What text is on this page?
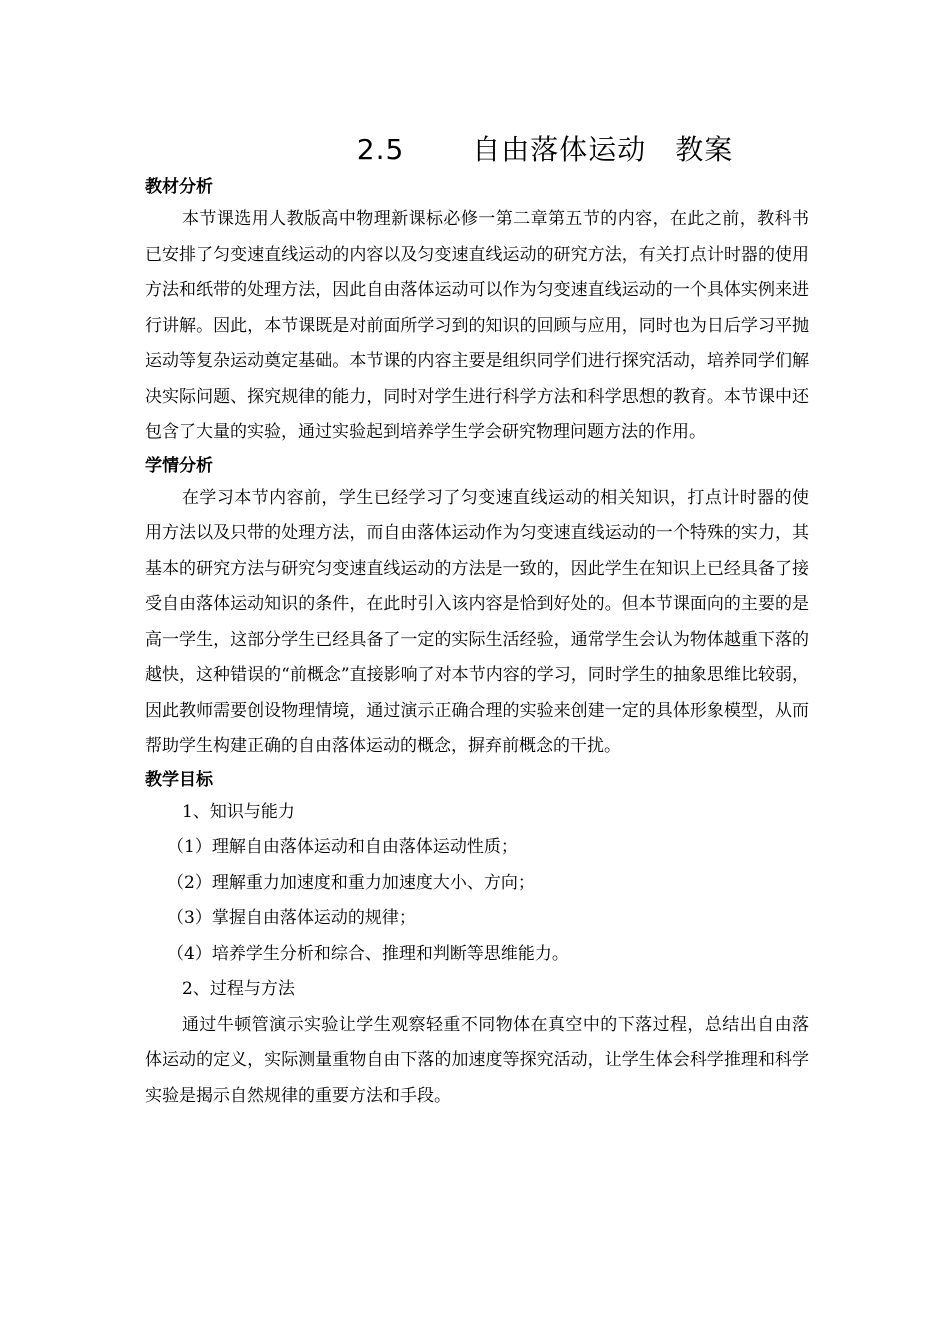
2.5　　 自由落体运动　教案
教材分析

本节课选用人教版高中物理新课标必修一第二章第五节的内容，在此之前，教科书已安排了匀变速直线运动的内容以及匀变速直线运动的研究方法，有关打点计时器的使用方法和纸带的处理方法，因此自由落体运动可以作为匀变速直线运动的一个具体实例来进行讲解。因此，本节课既是对前面所学习到的知识的回顾与应用，同时也为日后学习平抛运动等复杂运动奠定基础。本节课的内容主要是组织同学们进行探究活动，培养同学们解决实际问题、探究规律的能力，同时对学生进行科学方法和科学思想的教育。本节课中还包含了大量的实验，通过实验起到培养学生学会研究物理问题方法的作用。

学情分析

在学习本节内容前，学生已经学习了匀变速直线运动的相关知识，打点计时器的使用方法以及只带的处理方法，而自由落体运动作为匀变速直线运动的一个特殊的实力，其基本的研究方法与研究匀变速直线运动的方法是一致的，因此学生在知识上已经具备了接受自由落体运动知识的条件，在此时引入该内容是恰到好处的。但本节课面向的主要的是高一学生，这部分学生已经具备了一定的实际生活经验，通常学生会认为物体越重下落的越快，这种错误的“前概念”直接影响了对本节内容的学习，同时学生的抽象思维比较弱，因此教师需要创设物理情境，通过演示正确合理的实验来创建一定的具体形象模型，从而帮助学生构建正确的自由落体运动的概念，摒弃前概念的干扰。

教学目标
1、知识与能力
（1）理解自由落体运动和自由落体运动性质；
（2）理解重力加速度和重力加速度大小、方向；
（3）掌握自由落体运动的规律；
（4）培养学生分析和综合、推理和判断等思维能力。
2、过程与方法

通过牛顿管演示实验让学生观察轻重不同物体在真空中的下落过程，总结出自由落体运动的定义，实际测量重物自由下落的加速度等探究活动，让学生体会科学推理和科学实验是揭示自然规律的重要方法和手段。
